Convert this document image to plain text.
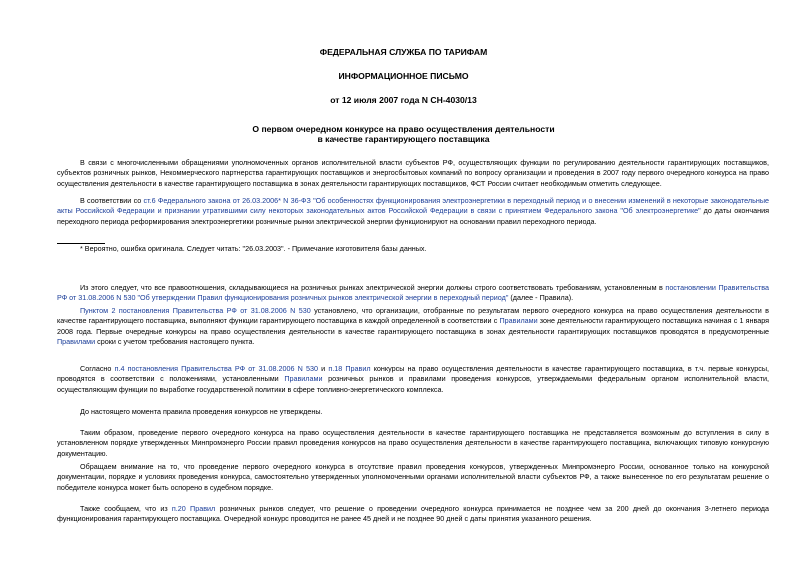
ФЕДЕРАЛЬНАЯ СЛУЖБА ПО ТАРИФАМ
ИНФОРМАЦИОННОЕ ПИСЬМО
от 12 июля 2007 года N СН-4030/13
О первом очередном конкурсе на право осуществления деятельности
в качестве гарантирующего поставщика
В связи с многочисленными обращениями уполномоченных органов исполнительной власти субъектов РФ, осуществляющих функции по регулированию деятельности гарантирующих поставщиков, субъектов розничных рынков, Некоммерческого партнерства гарантирующих поставщиков и энергосбытовых компаний по вопросу организации и проведения в 2007 году первого очередного конкурса на право осуществления деятельности в качестве гарантирующего поставщика в зонах деятельности гарантирующих поставщиков, ФСТ России считает необходимым отметить следующее.
В соответствии со ст.6 Федерального закона от 26.03.2006* N 36-ФЗ "Об особенностях функционирования электроэнергетики в переходный период и о внесении изменений в некоторые законодательные акты Российской Федерации и признании утратившими силу некоторых законодательных актов Российской Федерации в связи с принятием Федерального закона "Об электроэнергетике" до даты окончания переходного периода реформирования электроэнергетики розничные рынки электрической энергии функционируют на основании правил переходного периода.
* Вероятно, ошибка оригинала. Следует читать: "26.03.2003". - Примечание изготовителя базы данных.
Из этого следует, что все правоотношения, складывающиеся на розничных рынках электрической энергии должны строго соответствовать требованиям, установленным в постановлении Правительства РФ от 31.08.2006 N 530 "Об утверждении Правил функционирования розничных рынков электрической энергии в переходный период" (далее - Правила).
Пунктом 2 постановления Правительства РФ от 31.08.2006 N 530 установлено, что организации, отобранные по результатам первого очередного конкурса на право осуществления деятельности в качестве гарантирующего поставщика, выполняют функции гарантирующего поставщика в каждой определенной в соответствии с Правилами зоне деятельности гарантирующего поставщика начиная с 1 января 2008 года. Первые очередные конкурсы на право осуществления деятельности в качестве гарантирующего поставщика в зонах деятельности гарантирующих поставщиков проводятся в предусмотренные Правилами сроки с учетом требования настоящего пункта.
Согласно п.4 постановления Правительства РФ от 31.08.2006 N 530 и п.18 Правил конкурсы на право осуществления деятельности в качестве гарантирующего поставщика, в т.ч. первые конкурсы, проводятся в соответствии с положениями, установленными Правилами розничных рынков и правилами проведения конкурсов, утверждаемыми федеральным органом исполнительной власти, осуществляющим функции по выработке государственной политики в сфере топливно-энергетического комплекса.
До настоящего момента правила проведения конкурсов не утверждены.
Таким образом, проведение первого очередного конкурса на право осуществления деятельности в качестве гарантирующего поставщика не представляется возможным до вступления в силу в установленном порядке утвержденных Минпромэнерго России правил проведения конкурсов на право осуществления деятельности в качестве гарантирующего поставщика, включающих типовую конкурсную документацию.
Обращаем внимание на то, что проведение первого очередного конкурса в отсутствие правил проведения конкурсов, утвержденных Минпромэнерго России, основанное только на конкурсной документации, порядке и условиях проведения конкурса, самостоятельно утвержденных уполномоченными органами исполнительной власти субъектов РФ, а также вынесенное по его результатам решение о победителе конкурса может быть оспорено в судебном порядке.
Также сообщаем, что из п.20 Правил розничных рынков следует, что решение о проведении очередного конкурса принимается не позднее чем за 200 дней до окончания 3-летнего периода функционирования гарантирующего поставщика. Очередной конкурс проводится не ранее 45 дней и не позднее 90 дней с даты принятия указанного решения.
